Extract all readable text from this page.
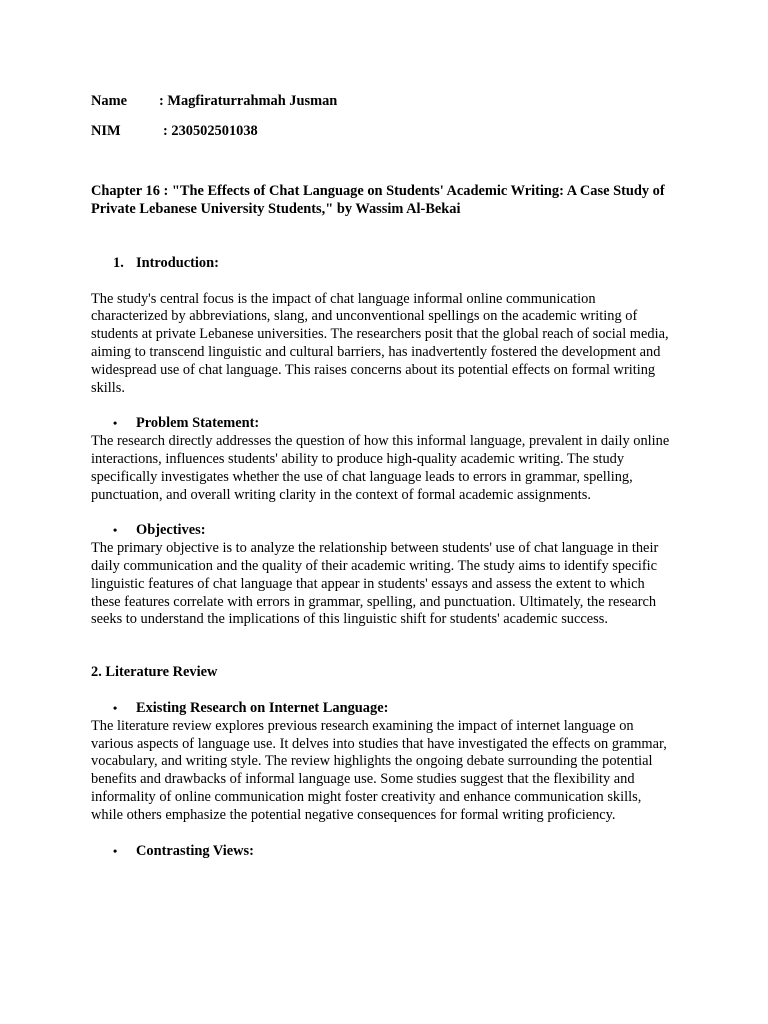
Name : Magfiraturrahmah Jusman
NIM	: 230502501038
Chapter 16 : "The Effects of Chat Language on Students' Academic Writing: A Case Study of Private Lebanese University Students," by Wassim Al-Bekai
1. Introduction:

The study's central focus is the impact of chat language informal online communication characterized by abbreviations, slang, and unconventional spellings on the academic writing of students at private Lebanese universities. The researchers posit that the global reach of social media, aiming to transcend linguistic and cultural barriers, has inadvertently fostered the development and widespread use of chat language. This raises concerns about its potential effects on formal writing skills.

• Problem Statement:

The research directly addresses the question of how this informal language, prevalent in daily online interactions, influences students' ability to produce high-quality academic writing. The study specifically investigates whether the use of chat language leads to errors in grammar, spelling, punctuation, and overall writing clarity in the context of formal academic assignments.

• Objectives:

The primary objective is to analyze the relationship between students' use of chat language in their daily communication and the quality of their academic writing. The study aims to identify specific linguistic features of chat language that appear in students' essays and assess the extent to which these features correlate with errors in grammar, spelling, and punctuation. Ultimately, the research seeks to understand the implications of this linguistic shift for students' academic success.

2. Literature Review
• Existing Research on Internet Language:

The literature review explores previous research examining the impact of internet language on various aspects of language use. It delves into studies that have investigated the effects on grammar, vocabulary, and writing style. The review highlights the ongoing debate surrounding the potential benefits and drawbacks of informal language use. Some studies suggest that the flexibility and informality of online communication might foster creativity and enhance communication skills, while others emphasize the potential negative consequences for formal writing proficiency.

• Contrasting Views:
